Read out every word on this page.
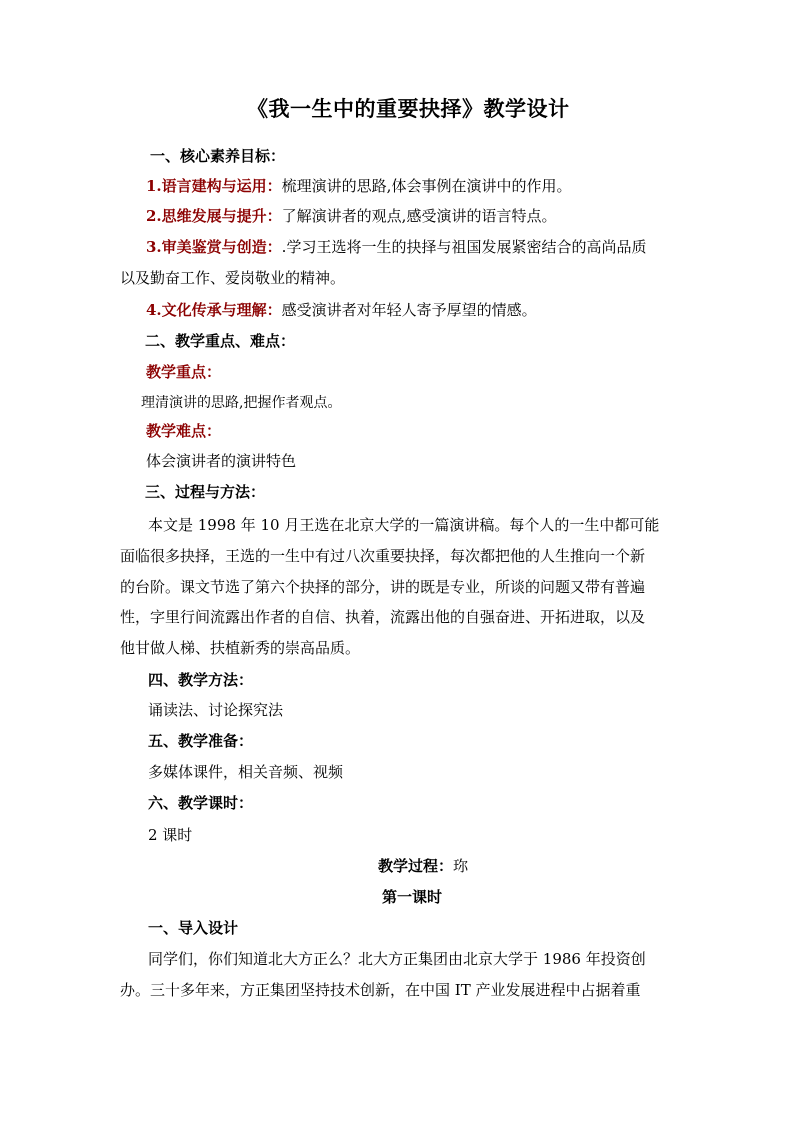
《我一生中的重要抉择》教学设计
一、核心素养目标：
1.语言建构与运用：梳理演讲的思路,体会事例在演讲中的作用。
2.思维发展与提升：了解演讲者的观点,感受演讲的语言特点。
3.审美鉴赏与创造：.学习王选将一生的抉择与祖国发展紧密结合的高尚品质
以及勤奋工作、爱岗敬业的精神。
4.文化传承与理解：感受演讲者对年轻人寄予厚望的情感。
二、教学重点、难点：
教学重点：
理清演讲的思路,把握作者观点。
教学难点：
体会演讲者的演讲特色
三、过程与方法：
本文是 1998 年 10 月王选在北京大学的一篇演讲稿。每个人的一生中都可能
面临很多抉择，王选的一生中有过八次重要抉择，每次都把他的人生推向一个新
的台阶。课文节选了第六个抉择的部分，讲的既是专业，所谈的问题又带有普遍
性，字里行间流露出作者的自信、执着，流露出他的自强奋进、开拓进取，以及
他甘做人梯、扶植新秀的崇高品质。
四、教学方法：
诵读法、讨论探究法
五、教学准备：
多媒体课件，相关音频、视频
六、教学课时：
2 课时
教学过程：珎
第一课时
一、导入设计
同学们，你们知道北大方正么？北大方正集团由北京大学于 1986 年投资创
办。三十多年来，方正集团坚持技术创新，在中国 IT 产业发展进程中占据着重
